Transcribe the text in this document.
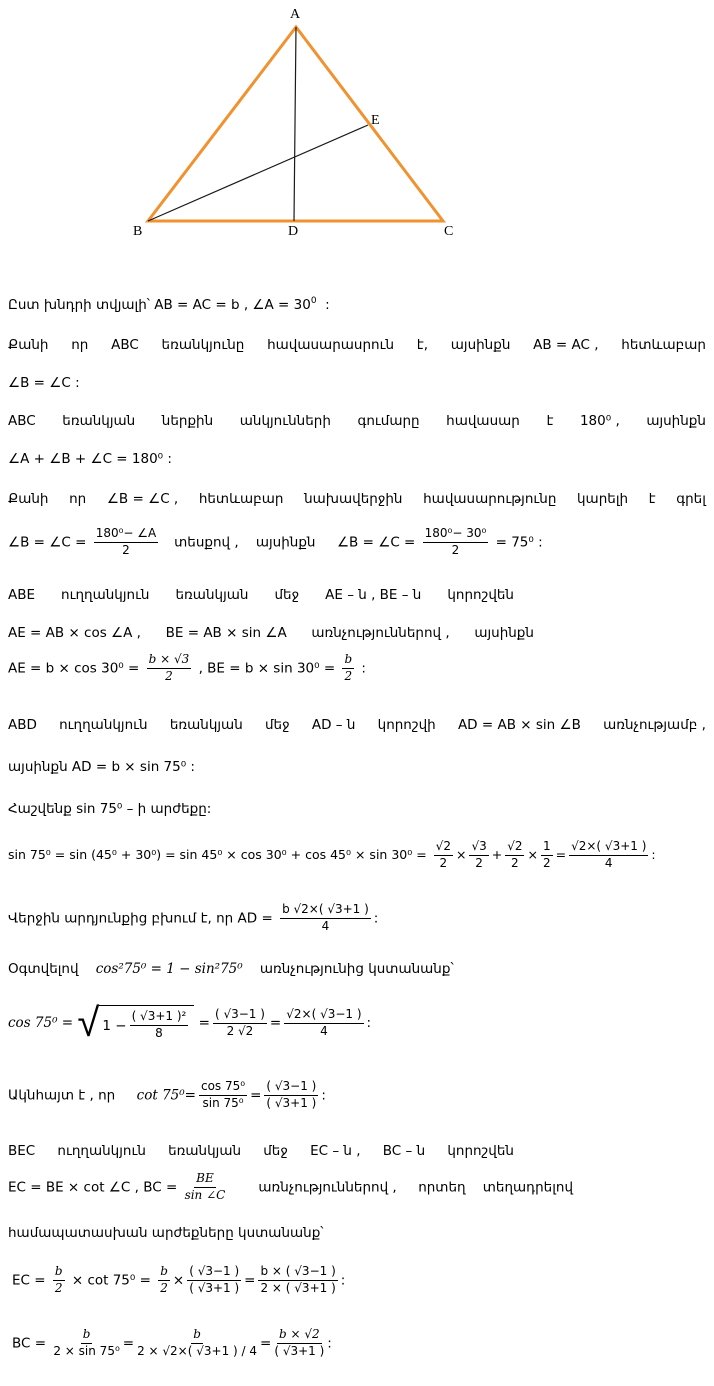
A
B	C
D
E
Ըստ խնդրի տվյալի՝ AB = AC = b , ∠A = $30^0$  :
Քանի որ ABC եռանկյունը հավասարասրուն է, այսինքն AB = AC , հետևաբար
∠B = ∠C :
ABC եռանկյան ներքին անկյունների գումարը հավասար է 180⁰ , այսինքն
∠A + ∠B + ∠C = 180⁰ :
Քանի որ ∠B = ∠C , հետևաբար նախավերջին հավասարությունը կարելի է գրել
∠B = ∠C = $\frac{\text{180⁰− ∠A}}{2}$ տեսքով , այսինքն ∠B = ∠C = $\frac{\text{180⁰− 30⁰}}{2} = 75^0$ :
ABE ուղղանկյուն եռանկյան մեջ AE – ն , BE – ն կորոշվեն
AE = AB × cos ∠A , BE = AB × sin ∠A առնչություններով , այսինքն
AE = $b \times \cos 30^0 = \frac{b \times √3}{2}$ , BE = $b \times \sin 30^0 = \frac{b}{2}$ :
ABD ուղղանկյուն եռանկյան մեջ AD – ն կորոշվի AD = AB × sin ∠B առնչությամբ ,
այսինքն AD = b × sin 75⁰ :
Հաշվենք sin 75⁰ – ի արժեքը:
$\sin 75^0 = \sin (45^0 + 30^0) = \sin 45^0 \times \cos 30^0 + \cos 45^0 \times \sin 30^0 = \frac{√2}{2} \times \frac{√3}{2} + \frac{√2}{2} \times \frac{1}{2} = \frac{√2\times( √3+1 )}{4}$ :
Վերջին արդյունքից բխում է, որ AD = $\frac{b √2\times( √3+1 )}{4}$ :
Օգտվելով cos²75⁰ = 1 − sin²75⁰ առնչությունից կստանանք՝
cos 75⁰ = √ $1 - \frac{\text{( √3+1 )²}}{8} = \frac{( √3-1 )}{2 √2} = \frac{√2\times( √3-1 )}{4}$ :
Ակնհայտ է , որ $\cot 75^0= \frac{\text{cos 75⁰}}{\text{sin 75⁰}} = \frac{( √3-1 )}{( √3+1 )}$ :
BEC ուղղանկյուն եռանկյան մեջ EC – ն , BC – ն կորոշվեն
EC = BE × cot ∠C , BC = $\frac{BE}{\sin \angle C}$ առնչություններով , որտեղ տեղադրելով
համապատասխան արժեքները կստանանք՝
EC = $\frac{b}{2} \times \cot 75^0 = \frac{b}{2} \times \frac{( √3-1 )}{( √3+1 )} = \frac{b \times ( √3-1 )}{2 \times ( √3+1 )}$ :
BC = $\frac{b}{\text{2 × sin 75⁰}} = \frac{b}{2 \times √2\times( √3+1 ) / 4} = \frac{b \times √2}{( √3+1 )}$ :
